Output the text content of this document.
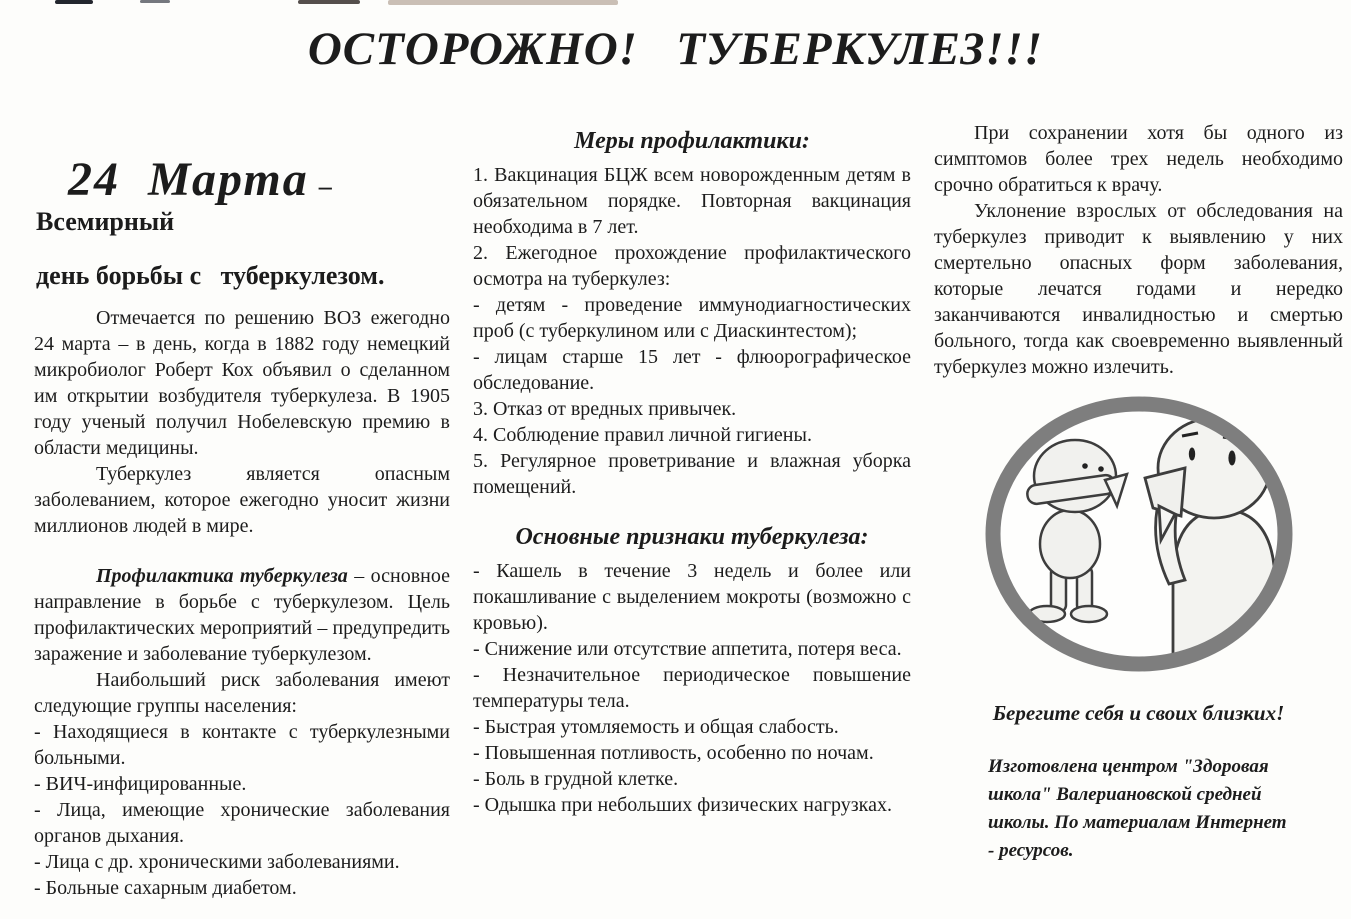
ОСТОРОЖНО!   ТУБЕРКУЛЕЗ!!!

24  Марта – Всемирный

день борьбы с   туберкулезом.

Отмечается по решению ВОЗ ежегодно 24 марта – в день, когда в 1882 году немецкий микробиолог Роберт Кох объявил о сделанном им открытии возбудителя туберкулеза. В 1905 году ученый получил Нобелевскую премию в области медицины.

Туберкулез является опасным заболеванием, которое ежегодно уносит жизни миллионов людей в мире.

Профилактика туберкулеза – основное направление в борьбе с туберкулезом. Цель профилактических мероприятий – предупредить заражение и заболевание туберкулезом.

Наибольший риск заболевания имеют следующие группы населения:

- Находящиеся в контакте с туберкулезными больными.

- ВИЧ-инфицированные.

- Лица, имеющие хронические заболевания органов дыхания.

- Лица с др. хроническими заболеваниями.

- Больные сахарным диабетом.

Меры профилактики:

1. Вакцинация БЦЖ всем новорожденным детям в обязательном порядке. Повторная вакцинация необходима в 7 лет.

2. Ежегодное прохождение профилактического осмотра на туберкулез:

- детям - проведение иммунодиагностических проб (с туберкулином или с Диаскинтестом);

- лицам старше 15 лет - флюорографическое обследование.

3. Отказ от вредных привычек.

4. Соблюдение правил личной гигиены.

5. Регулярное проветривание и влажная уборка помещений.

Основные признаки туберкулеза:

- Кашель в течение 3 недель и более или покашливание с выделением мокроты (возможно с кровью).

- Снижение или отсутствие аппетита, потеря веса.

- Незначительное периодическое повышение температуры тела.

- Быстрая утомляемость и общая слабость.

- Повышенная потливость, особенно по ночам.

- Боль в грудной клетке.

- Одышка при небольших физических нагрузках.

При сохранении хотя бы одного из симптомов более трех недель необходимо срочно обратиться к врачу.

Уклонение взрослых от обследования на туберкулез приводит к выявлению у них смертельно опасных форм заболевания, которые лечатся годами и нередко заканчиваются инвалидностью и смертью больного, тогда как своевременно выявленный туберкулез можно излечить.

Берегите себя и своих близких!
Изготовлена центром "Здоровая школа" Валериановской средней школы. По материалам Интернет - ресурсов.
